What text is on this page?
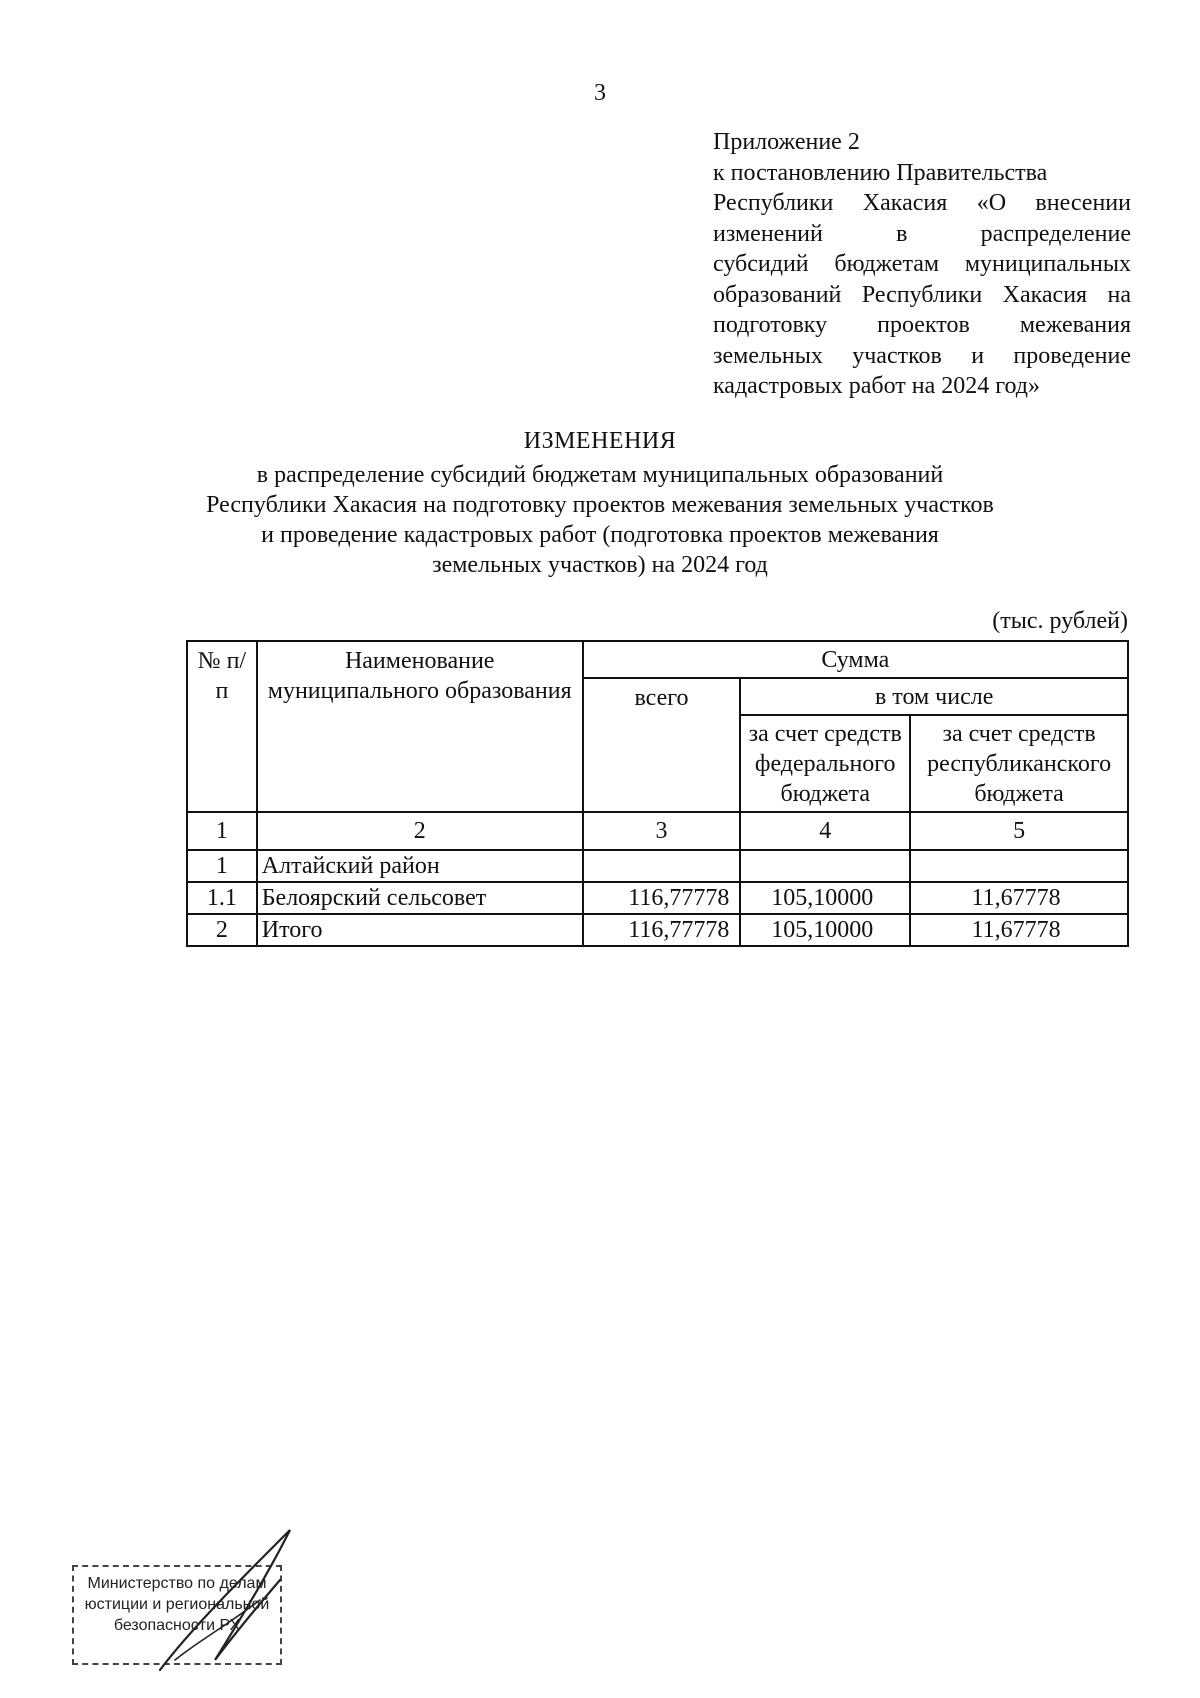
3
Приложение 2
к постановлению Правительства
Республики Хакасия «О внесении
изменений в распределение
субсидий бюджетам муниципальных
образований Республики Хакасия на
подготовку проектов межевания
земельных участков и проведение
кадастровых работ на 2024 год»
ИЗМЕНЕНИЯ
в распределение субсидий бюджетам муниципальных образований
Республики Хакасия на подготовку проектов межевания земельных участков
и проведение кадастровых работ (подготовка проектов межевания
земельных участков) на 2024 год
(тыс. рублей)
№ п/п	Наименование муниципального образования	Сумма		
		всего	в том числе	
			за счет средств федерального бюджета	за счет средств республиканского бюджета
1	2	3	4	5
1	Алтайский район			
1.1	Белоярский сельсовет	116,77778	105,10000	11,67778
2	Итого	116,77778	105,10000	11,67778
Министерство по делам
юстиции и региональной
безопасности РХ
